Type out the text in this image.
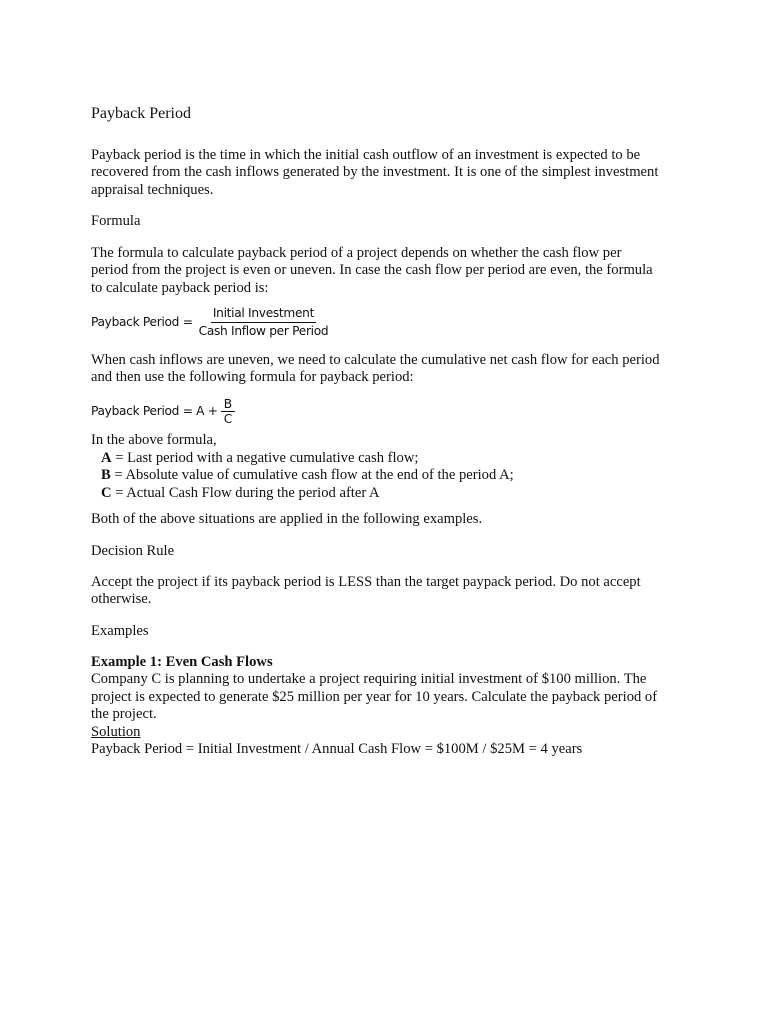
Payback Period

Payback period is the time in which the initial cash outflow of an investment is expected to be
recovered from the cash inflows generated by the investment. It is one of the simplest investment
appraisal techniques.

Formula

The formula to calculate payback period of a project depends on whether the cash flow per
period from the project is even or uneven. In case the cash flow per period are even, the formula
to calculate payback period is:

Payback Period = $\frac{\text{Initial Investment}}{\text{Cash Inflow per Period}}$

When cash inflows are uneven, we need to calculate the cumulative net cash flow for each period
and then use the following formula for payback period:

Payback Period = $A + \frac{B}{C}$

In the above formula,

A = Last period with a negative cumulative cash flow;
B = Absolute value of cumulative cash flow at the end of the period A;
C = Actual Cash Flow during the period after A

Both of the above situations are applied in the following examples.

Decision Rule

Accept the project if its payback period is LESS than the target paypack period. Do not accept
otherwise.

Examples

Example 1: Even Cash Flows
Company C is planning to undertake a project requiring initial investment of $100 million. The
project is expected to generate $25 million per year for 10 years. Calculate the payback period of
the project.
Solution
Payback Period = Initial Investment / Annual Cash Flow = $100M / $25M = 4 years
